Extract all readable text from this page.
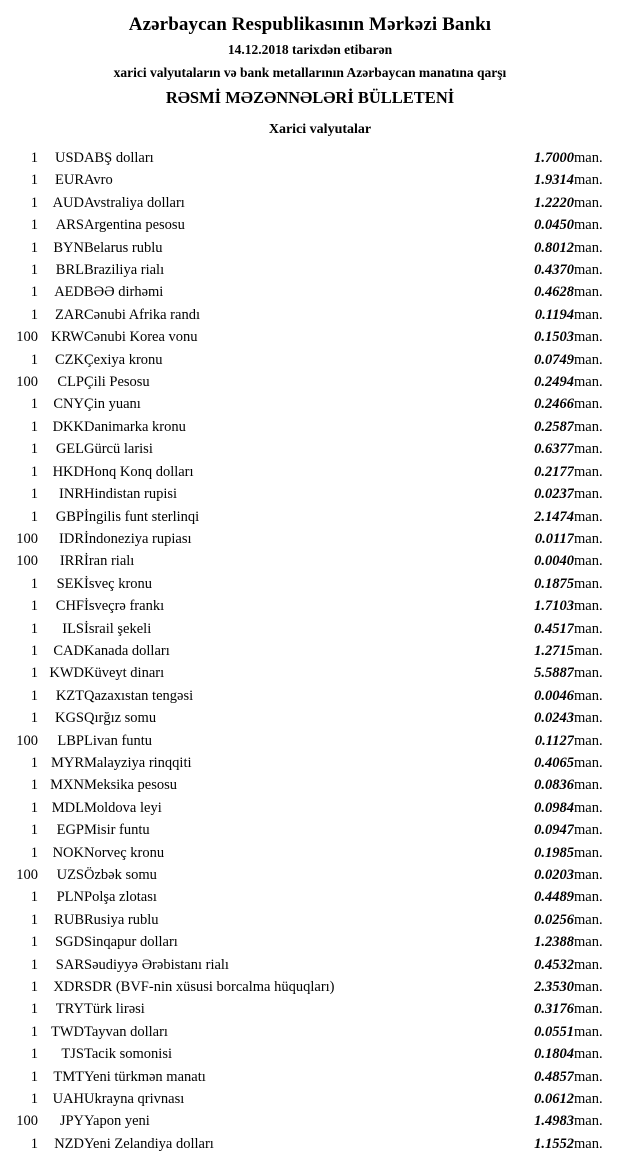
Azərbaycan Respublikasının Mərkəzi Bankı
14.12.2018 tarixdən etibarən
xarici valyutaların və bank metallarının Azərbaycan manatına qarşı
RƏSMİ MƏZƏNNƏLƏRİ BÜLLETENİ
Xarici valyutalar
1	USD	ABŞ dolları	1.7000	man.
1	EUR	Avro	1.9314	man.
1	AUD	Avstraliya dolları	1.2220	man.
1	ARS	Argentina pesosu	0.0450	man.
1	BYN	Belarus rublu	0.8012	man.
1	BRL	Braziliya rialı	0.4370	man.
1	AED	BƏƏ dirhəmi	0.4628	man.
1	ZAR	Cənubi Afrika randı	0.1194	man.
100	KRW	Cənubi Korea vonu	0.1503	man.
1	CZK	Çexiya kronu	0.0749	man.
100	CLP	Çili Pesosu	0.2494	man.
1	CNY	Çin yuanı	0.2466	man.
1	DKK	Danimarka kronu	0.2587	man.
1	GEL	Gürcü larisi	0.6377	man.
1	HKD	Honq Konq dolları	0.2177	man.
1	INR	Hindistan rupisi	0.0237	man.
1	GBP	İngilis funt sterlinqi	2.1474	man.
100	IDR	İndoneziya rupiası	0.0117	man.
100	IRR	İran rialı	0.0040	man.
1	SEK	İsveç kronu	0.1875	man.
1	CHF	İsveçrə frankı	1.7103	man.
1	ILS	İsrail şekeli	0.4517	man.
1	CAD	Kanada dolları	1.2715	man.
1	KWD	Küveyt dinarı	5.5887	man.
1	KZT	Qazaxıstan tengəsi	0.0046	man.
1	KGS	Qırğız somu	0.0243	man.
100	LBP	Livan funtu	0.1127	man.
1	MYR	Malayziya rinqqiti	0.4065	man.
1	MXN	Meksika pesosu	0.0836	man.
1	MDL	Moldova leyi	0.0984	man.
1	EGP	Misir funtu	0.0947	man.
1	NOK	Norveç kronu	0.1985	man.
100	UZS	Özbək somu	0.0203	man.
1	PLN	Polşa zlotası	0.4489	man.
1	RUB	Rusiya rublu	0.0256	man.
1	SGD	Sinqapur dolları	1.2388	man.
1	SAR	Səudiyyə Ərəbistanı rialı	0.4532	man.
1	XDR	SDR (BVF-nin xüsusi borcalma hüquqları)	2.3530	man.
1	TRY	Türk lirəsi	0.3176	man.
1	TWD	Tayvan dolları	0.0551	man.
1	TJS	Tacik somonisi	0.1804	man.
1	TMT	Yeni türkmən manatı	0.4857	man.
1	UAH	Ukrayna qrivnası	0.0612	man.
100	JPY	Yapon yeni	1.4983	man.
1	NZD	Yeni Zelandiya dolları	1.1552	man.
